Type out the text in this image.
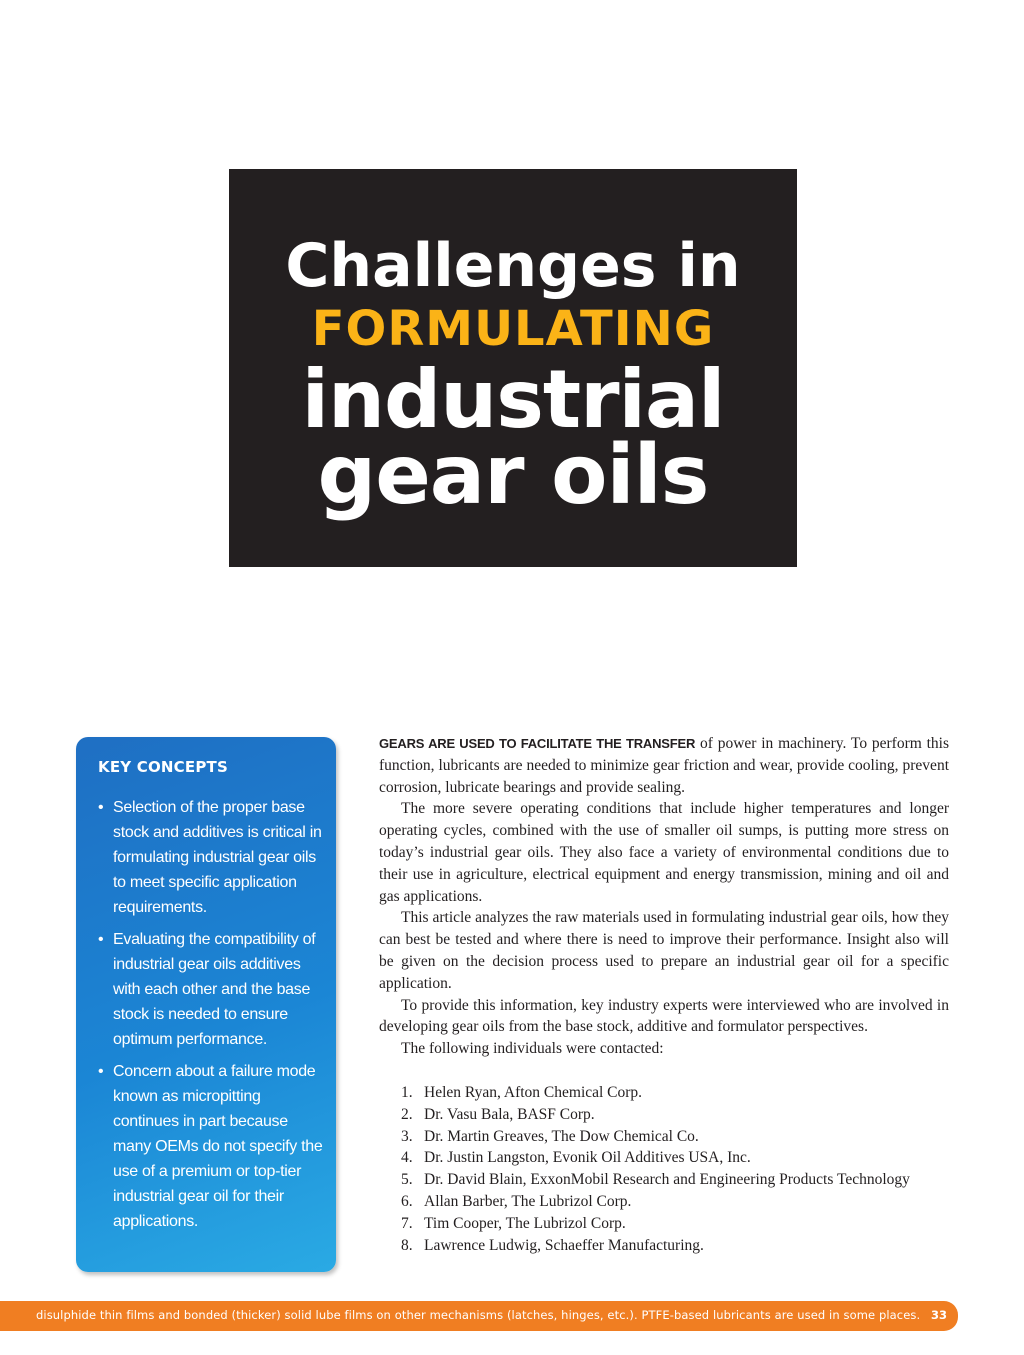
Challenges in
FORMULATING
industrial
gear oils
KEY CONCEPTS
• Selection of the proper base stock and additives is critical in formulating industrial gear oils to meet specific application requirements.
• Evaluating the compatibility of industrial gear oils additives with each other and the base stock is needed to ensure optimum performance.
• Concern about a failure mode known as micropitting continues in part because many OEMs do not specify the use of a premium or top-tier industrial gear oil for their applications.

GEARS ARE USED TO FACILITATE THE TRANSFER of power in machinery. To perform this function, lubricants are needed to minimize gear friction and wear, provide cooling, prevent corrosion, lubricate bearings and provide sealing.

The more severe operating conditions that include higher temperatures and longer operating cycles, combined with the use of smaller oil sumps, is putting more stress on today’s industrial gear oils. They also face a variety of environmental conditions due to their use in agriculture, electrical equipment and energy transmission, mining and oil and gas applications.

This article analyzes the raw materials used in formulating industrial gear oils, how they can best be tested and where there is need to improve their performance. Insight also will be given on the decision process used to prepare an industrial gear oil for a specific application.

To provide this information, key industry experts were interviewed who are involved in developing gear oils from the base stock, additive and formulator perspectives.

The following individuals were contacted:

1. Helen Ryan, Afton Chemical Corp.
2. Dr. Vasu Bala, BASF Corp.
3. Dr. Martin Greaves, The Dow Chemical Co.
4. Dr. Justin Langston, Evonik Oil Additives USA, Inc.
5. Dr. David Blain, ExxonMobil Research and Engineering Products Technology
6. Allan Barber, The Lubrizol Corp.
7. Tim Cooper, The Lubrizol Corp.
8. Lawrence Ludwig, Schaeffer Manufacturing.
disulphide thin films and bonded (thicker) solid lube films on other mechanisms (latches, hinges, etc.). PTFE-based lubricants are used in some places. 33
